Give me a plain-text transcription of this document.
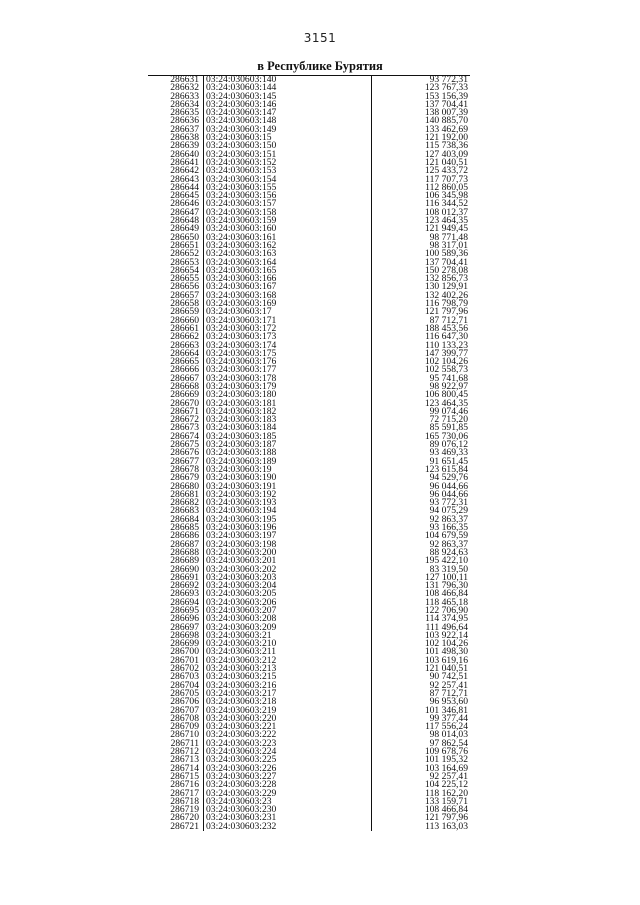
3151
в Республике Бурятия
286631 03:24:030603:140	93 772,31
286632 03:24:030603:144	123 767,33
286633 03:24:030603:145	153 156,39
286634 03:24:030603:146	137 704,41
286635 03:24:030603:147	138 007,39
286636 03:24:030603:148	140 885,70
286637 03:24:030603:149	133 462,69
286638 03:24:030603:15	121 192,00
286639 03:24:030603:150	115 738,36
286640 03:24:030603:151	127 403,09
286641 03:24:030603:152	121 040,51
286642 03:24:030603:153	125 433,72
286643 03:24:030603:154	117 707,73
286644 03:24:030603:155	112 860,05
286645 03:24:030603:156	106 345,98
286646 03:24:030603:157	116 344,52
286647 03:24:030603:158	108 012,37
286648 03:24:030603:159	123 464,35
286649 03:24:030603:160	121 949,45
286650 03:24:030603:161	98 771,48
286651 03:24:030603:162	98 317,01
286652 03:24:030603:163	100 589,36
286653 03:24:030603:164	137 704,41
286654 03:24:030603:165	150 278,08
286655 03:24:030603:166	132 856,73
286656 03:24:030603:167	130 129,91
286657 03:24:030603:168	132 402,26
286658 03:24:030603:169	116 798,79
286659 03:24:030603:17	121 797,96
286660 03:24:030603:171	87 712,71
286661 03:24:030603:172	188 453,56
286662 03:24:030603:173	116 647,30
286663 03:24:030603:174	110 133,23
286664 03:24:030603:175	147 399,77
286665 03:24:030603:176	102 104,26
286666 03:24:030603:177	102 558,73
286667 03:24:030603:178	95 741,68
286668 03:24:030603:179	98 922,97
286669 03:24:030603:180	106 800,45
286670 03:24:030603:181	123 464,35
286671 03:24:030603:182	99 074,46
286672 03:24:030603:183	72 715,20
286673 03:24:030603:184	85 591,85
286674 03:24:030603:185	165 730,06
286675 03:24:030603:187	89 076,12
286676 03:24:030603:188	93 469,33
286677 03:24:030603:189	91 651,45
286678 03:24:030603:19	123 615,84
286679 03:24:030603:190	94 529,76
286680 03:24:030603:191	96 044,66
286681 03:24:030603:192	96 044,66
286682 03:24:030603:193	93 772,31
286683 03:24:030603:194	94 075,29
286684 03:24:030603:195	92 863,37
286685 03:24:030603:196	93 166,35
286686 03:24:030603:197	104 679,59
286687 03:24:030603:198	92 863,37
286688 03:24:030603:200	88 924,63
286689 03:24:030603:201	195 422,10
286690 03:24:030603:202	83 319,50
286691 03:24:030603:203	127 100,11
286692 03:24:030603:204	131 796,30
286693 03:24:030603:205	108 466,84
286694 03:24:030603:206	118 465,18
286695 03:24:030603:207	122 706,90
286696 03:24:030603:208	114 374,95
286697 03:24:030603:209	111 496,64
286698 03:24:030603:21	103 922,14
286699 03:24:030603:210	102 104,26
286700 03:24:030603:211	101 498,30
286701 03:24:030603:212	103 619,16
286702 03:24:030603:213	121 040,51
286703 03:24:030603:215	90 742,51
286704 03:24:030603:216	92 257,41
286705 03:24:030603:217	87 712,71
286706 03:24:030603:218	96 953,60
286707 03:24:030603:219	101 346,81
286708 03:24:030603:220	99 377,44
286709 03:24:030603:221	117 556,24
286710 03:24:030603:222	98 014,03
286711 03:24:030603:223	97 862,54
286712 03:24:030603:224	109 678,76
286713 03:24:030603:225	101 195,32
286714 03:24:030603:226	103 164,69
286715 03:24:030603:227	92 257,41
286716 03:24:030603:228	104 225,12
286717 03:24:030603:229	118 162,20
286718 03:24:030603:23	133 159,71
286719 03:24:030603:230	108 466,84
286720 03:24:030603:231	121 797,96
286721 03:24:030603:232	113 163,03
